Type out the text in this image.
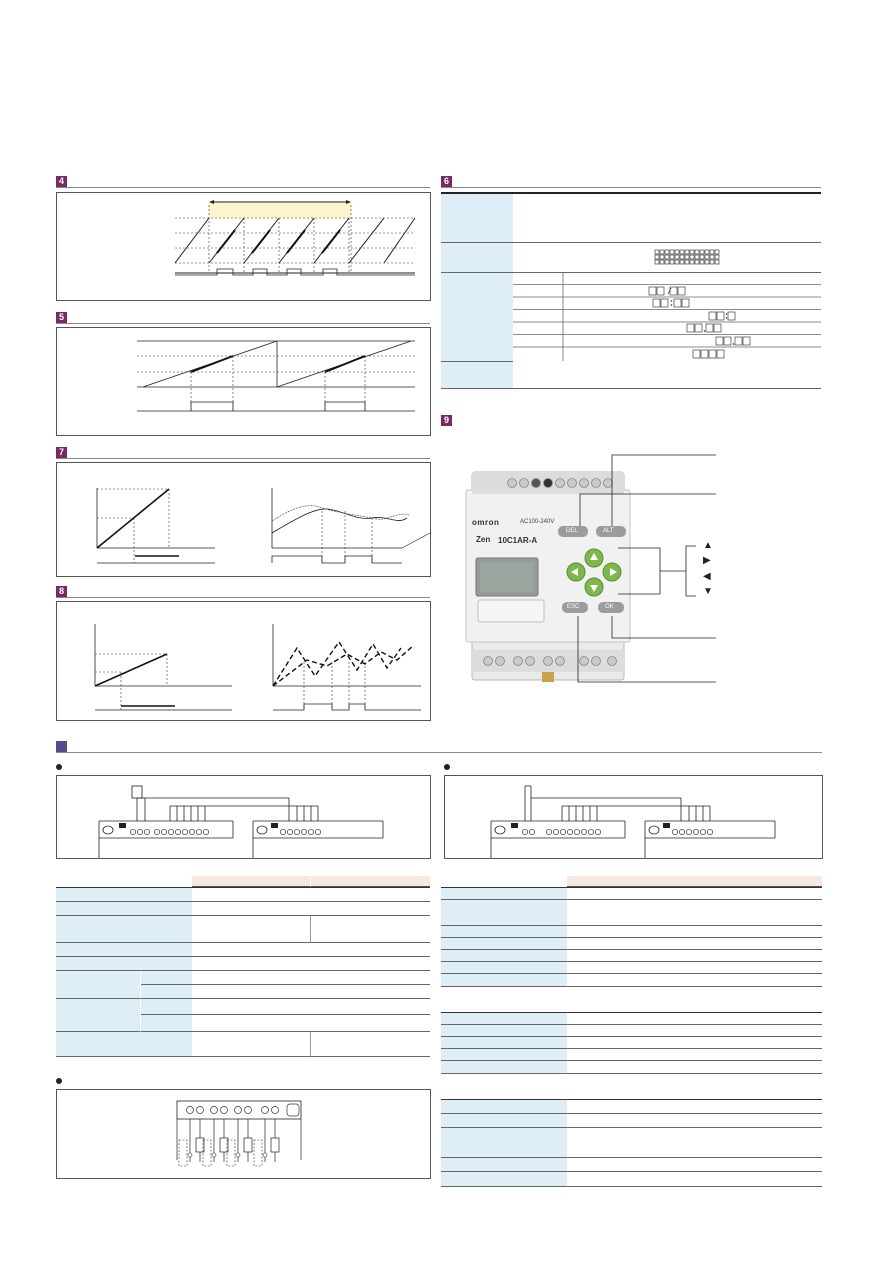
4
5
7
8
6
9
omron	AC100-240V
Zen 10C1AR-A
DEL	ALT
ESC	OK
▲
▶
◀
▼
